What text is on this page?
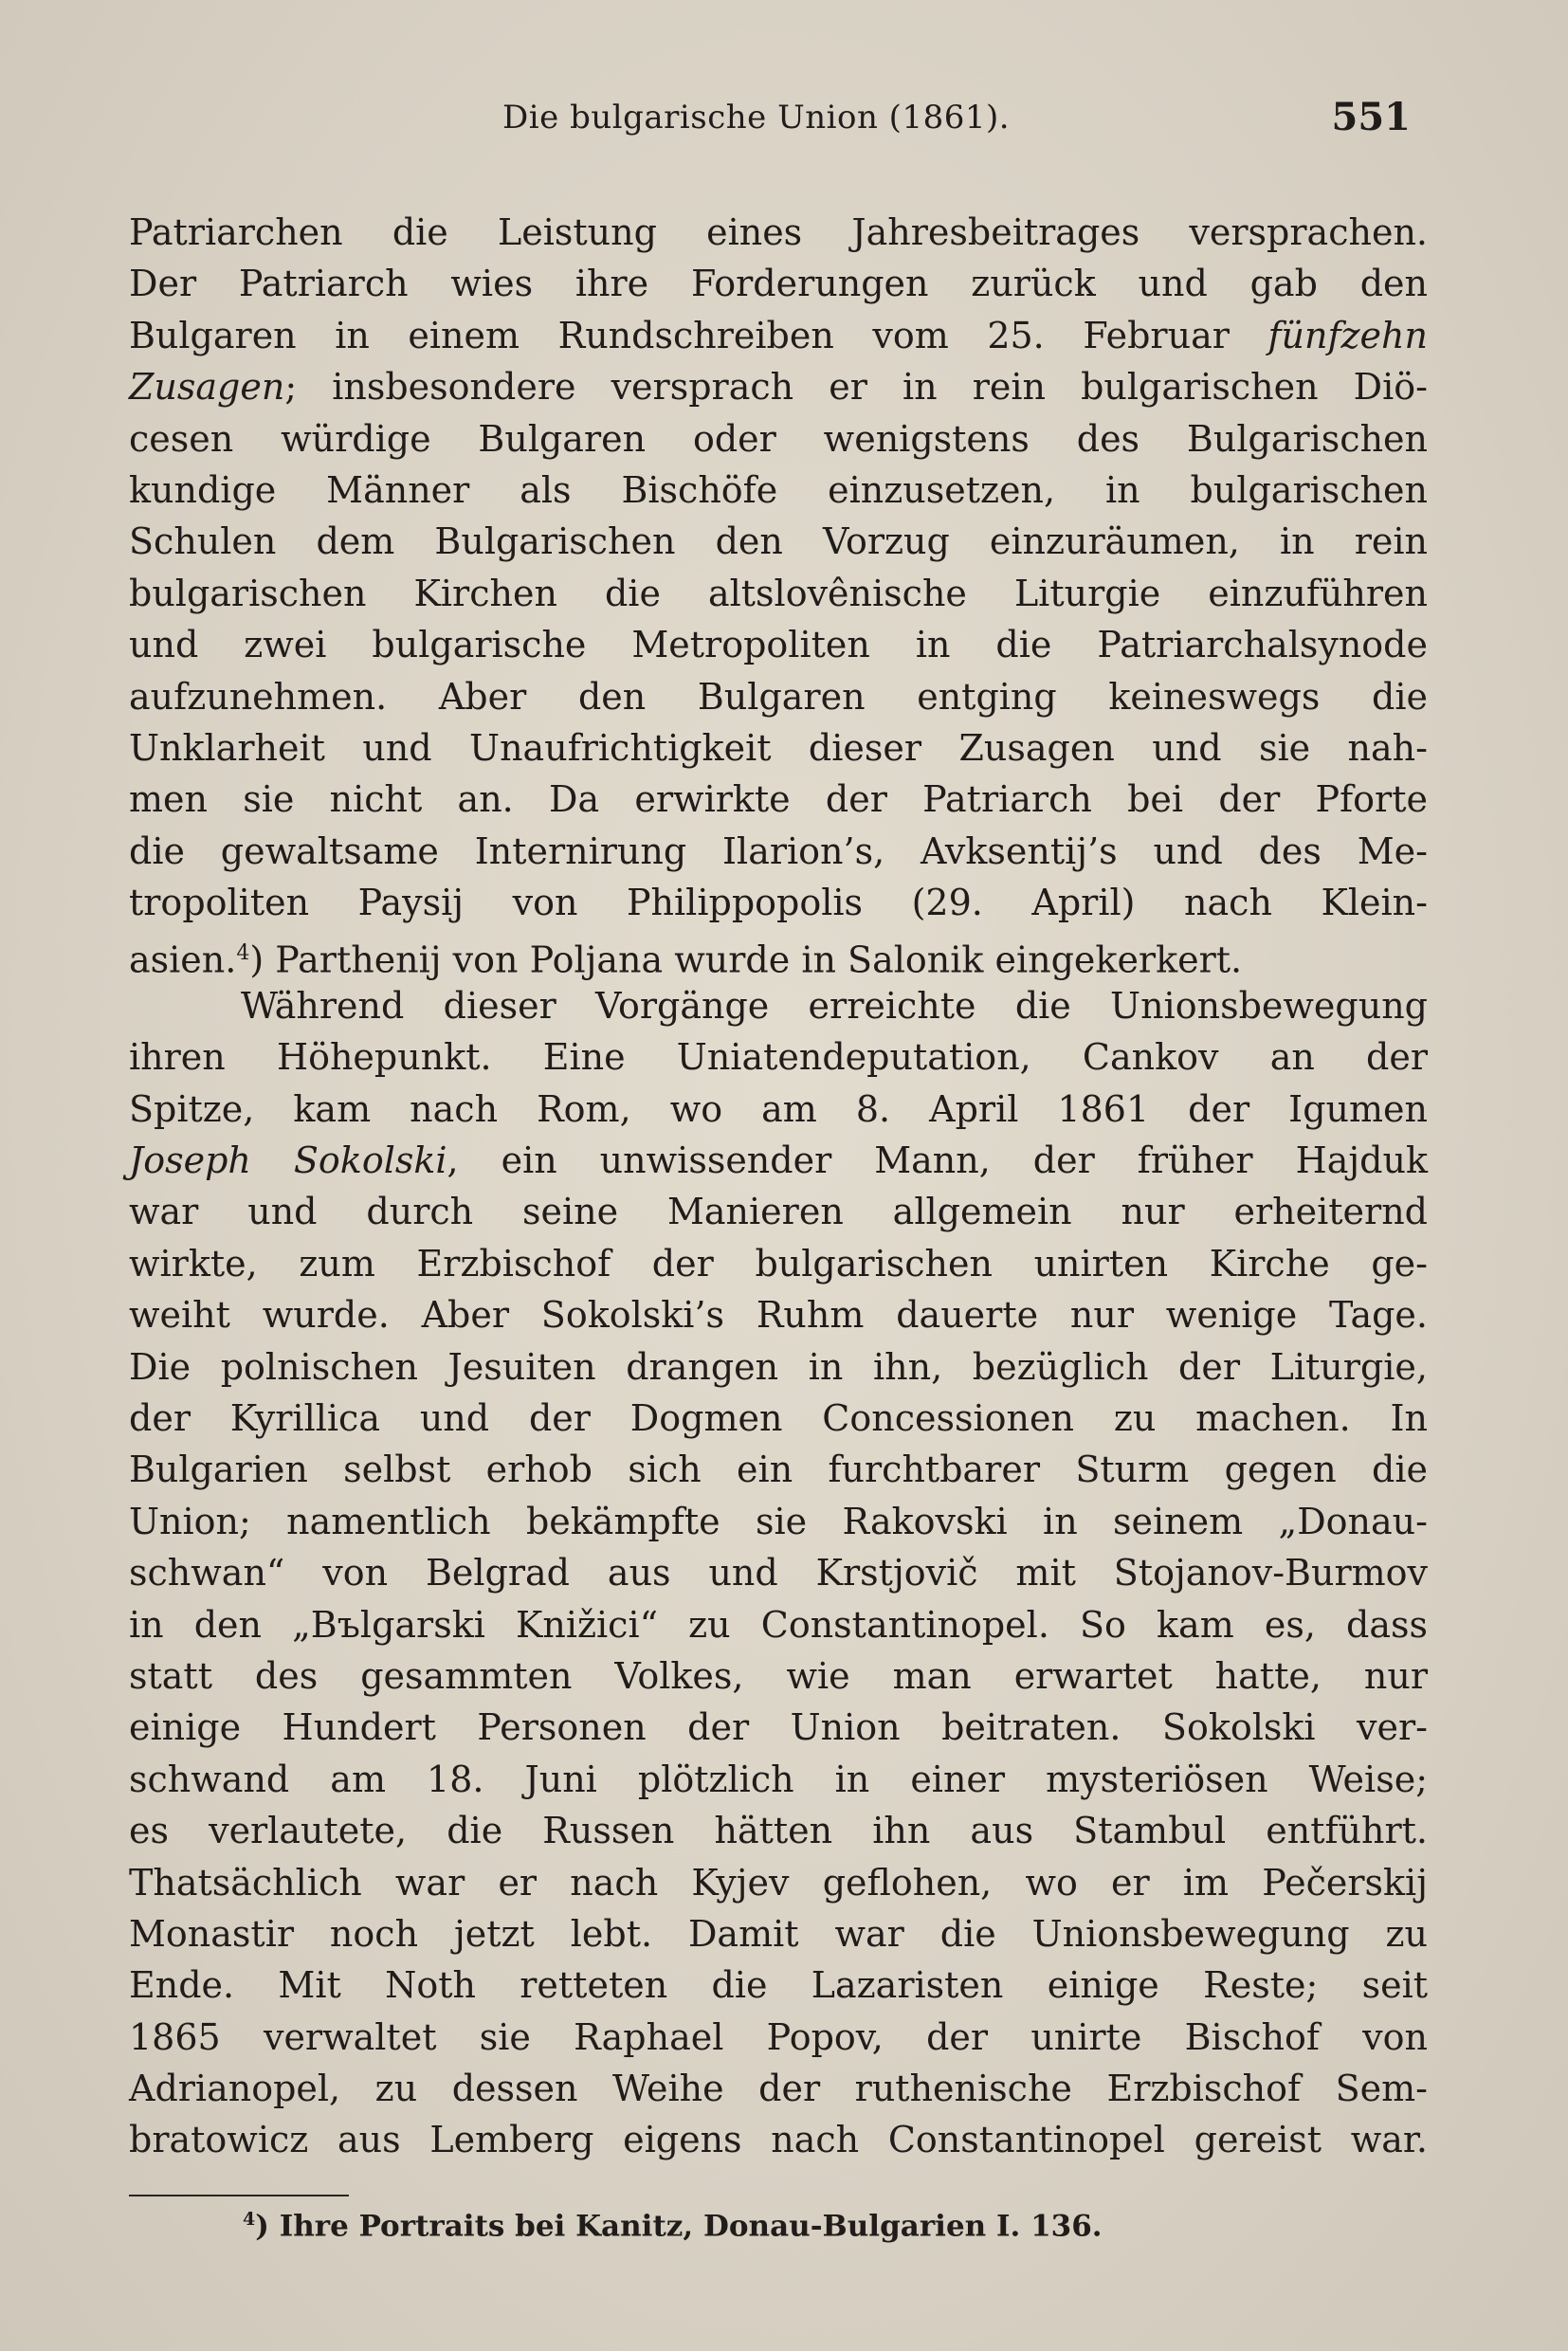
Die bulgarische Union (1861).	551
Patriarchen die Leistung eines Jahresbeitrages versprachen.
Der Patriarch wies ihre Forderungen zurück und gab den
Bulgaren in einem Rundschreiben vom 25. Februar fünfzehn
Zusagen; insbesondere versprach er in rein bulgarischen Diö-
cesen würdige Bulgaren oder wenigstens des Bulgarischen
kundige Männer als Bischöfe einzusetzen, in bulgarischen
Schulen dem Bulgarischen den Vorzug einzuräumen, in rein
bulgarischen Kirchen die altslovênische Liturgie einzuführen
und zwei bulgarische Metropoliten in die Patriarchalsynode
aufzunehmen. Aber den Bulgaren entging keineswegs die
Unklarheit und Unaufrichtigkeit dieser Zusagen und sie nah-
men sie nicht an. Da erwirkte der Patriarch bei der Pforte
die gewaltsame Internirung Ilarion’s, Avksentij’s und des Me-
tropoliten Paysij von Philippopolis (29. April) nach Klein-
asien.$^4$) Parthenij von Poljana wurde in Salonik eingekerkert.
Während dieser Vorgänge erreichte die Unionsbewegung
ihren Höhepunkt. Eine Uniatendeputation, Cankov an der
Spitze, kam nach Rom, wo am 8. April 1861 der Igumen
Joseph Sokolski, ein unwissender Mann, der früher Hajduk
war und durch seine Manieren allgemein nur erheiternd
wirkte, zum Erzbischof der bulgarischen unirten Kirche ge-
weiht wurde. Aber Sokolski’s Ruhm dauerte nur wenige Tage.
Die polnischen Jesuiten drangen in ihn, bezüglich der Liturgie,
der Kyrillica und der Dogmen Concessionen zu machen. In
Bulgarien selbst erhob sich ein furchtbarer Sturm gegen die
Union; namentlich bekämpfte sie Rakovski in seinem „Donau-
schwan“ von Belgrad aus und Krstjovič mit Stojanov-Burmov
in den „Bъlgarski Knižici“ zu Constantinopel. So kam es, dass
statt des gesammten Volkes, wie man erwartet hatte, nur
einige Hundert Personen der Union beitraten. Sokolski ver-
schwand am 18. Juni plötzlich in einer mysteriösen Weise;
es verlautete, die Russen hätten ihn aus Stambul entführt.
Thatsächlich war er nach Kyjev geflohen, wo er im Pečerskij
Monastir noch jetzt lebt. Damit war die Unionsbewegung zu
Ende. Mit Noth retteten die Lazaristen einige Reste; seit
1865 verwaltet sie Raphael Popov, der unirte Bischof von
Adrianopel, zu dessen Weihe der ruthenische Erzbischof Sem-
bratowicz aus Lemberg eigens nach Constantinopel gereist war.
$^4$) Ihre Portraits bei Kanitz, Donau-Bulgarien I. 136.
